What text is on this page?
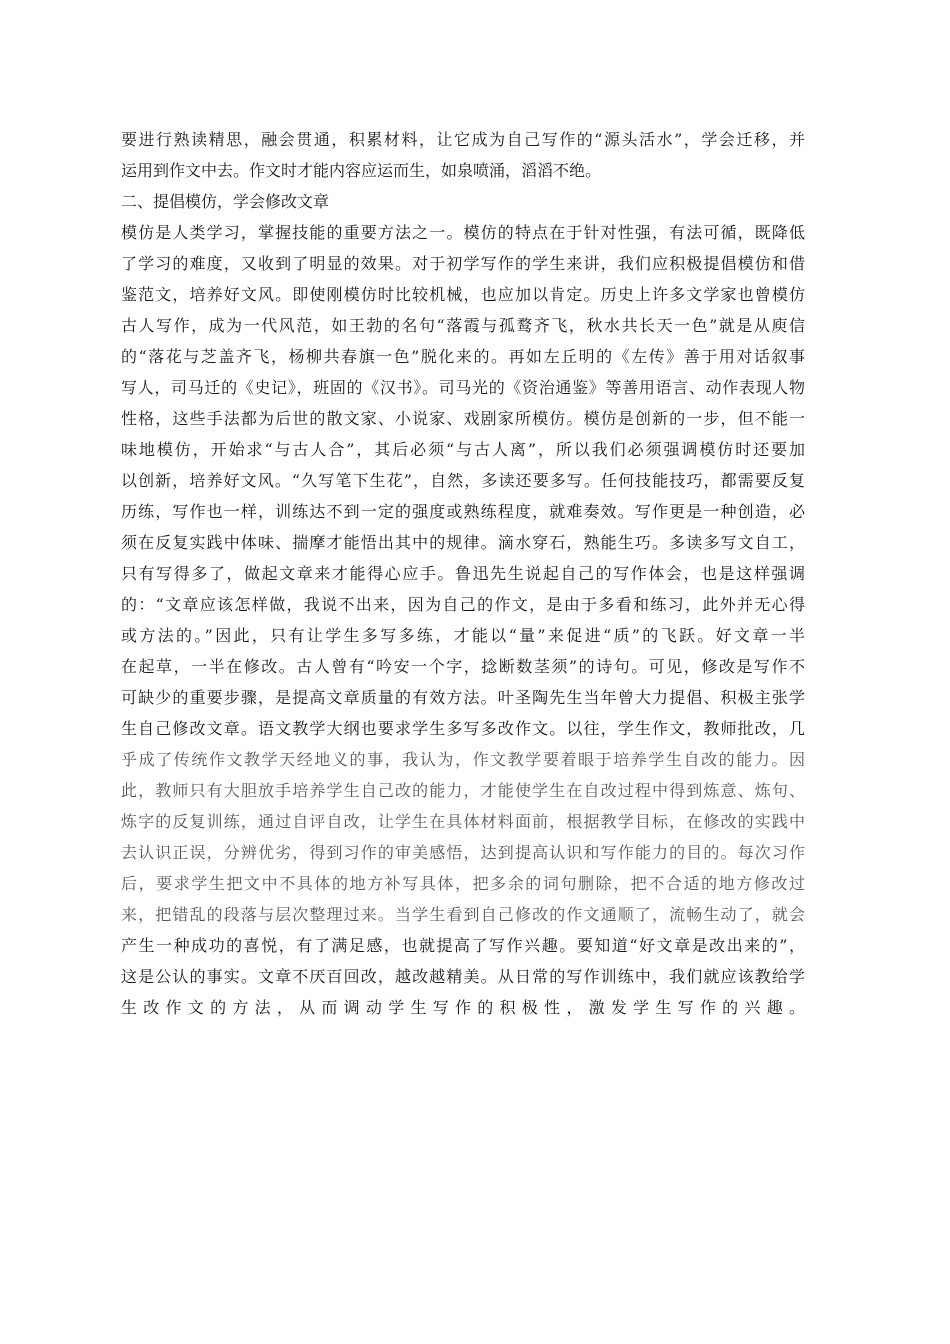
要进行熟读精思，融会贯通，积累材料，让它成为自己写作的“源头活水”，学会迁移，并
运用到作文中去。作文时才能内容应运而生，如泉喷涌，滔滔不绝。
二、提倡模仿，学会修改文章
模仿是人类学习，掌握技能的重要方法之一。模仿的特点在于针对性强，有法可循，既降低
了学习的难度，又收到了明显的效果。对于初学写作的学生来讲，我们应积极提倡模仿和借
鉴范文，培养好文风。即使刚模仿时比较机械，也应加以肯定。历史上许多文学家也曾模仿
古人写作，成为一代风范，如王勃的名句“落霞与孤鹜齐飞，秋水共长天一色”就是从庾信
的“落花与芝盖齐飞，杨柳共春旗一色”脱化来的。再如左丘明的《左传》善于用对话叙事
写人，司马迁的《史记》，班固的《汉书》。司马光的《资治通鉴》等善用语言、动作表现人物
性格，这些手法都为后世的散文家、小说家、戏剧家所模仿。模仿是创新的一步，但不能一
味地模仿，开始求“与古人合”，其后必须“与古人离”，所以我们必须强调模仿时还要加
以创新，培养好文风。“久写笔下生花”，自然，多读还要多写。任何技能技巧，都需要反复
历练，写作也一样，训练达不到一定的强度或熟练程度，就难奏效。写作更是一种创造，必
须在反复实践中体味、揣摩才能悟出其中的规律。滴水穿石，熟能生巧。多读多写文自工，
只有写得多了，做起文章来才能得心应手。鲁迅先生说起自己的写作体会，也是这样强调
的：“文章应该怎样做，我说不出来，因为自己的作文，是由于多看和练习，此外并无心得
或方法的。”因此，只有让学生多写多练，才能以“量”来促进“质”的飞跃。好文章一半
在起草，一半在修改。古人曾有“吟安一个字，捻断数茎须”的诗句。可见，修改是写作不
可缺少的重要步骤，是提高文章质量的有效方法。叶圣陶先生当年曾大力提倡、积极主张学
生自己修改文章。语文教学大纲也要求学生多写多改作文。以往，学生作文，教师批改，几
乎成了传统作文教学天经地义的事，我认为，作文教学要着眼于培养学生自改的能力。因
此，教师只有大胆放手培养学生自己改的能力，才能使学生在自改过程中得到炼意、炼句、
炼字的反复训练，通过自评自改，让学生在具体材料面前，根据教学目标，在修改的实践中
去认识正误，分辨优劣，得到习作的审美感悟，达到提高认识和写作能力的目的。每次习作
后，要求学生把文中不具体的地方补写具体，把多余的词句删除，把不合适的地方修改过
来，把错乱的段落与层次整理过来。当学生看到自己修改的作文通顺了，流畅生动了，就会
产生一种成功的喜悦，有了满足感，也就提高了写作兴趣。要知道“好文章是改出来的”，
这是公认的事实。文章不厌百回改，越改越精美。从日常的写作训练中，我们就应该教给学
生改作文的方法，从而调动学生写作的积极性，激发学生写作的兴趣。
